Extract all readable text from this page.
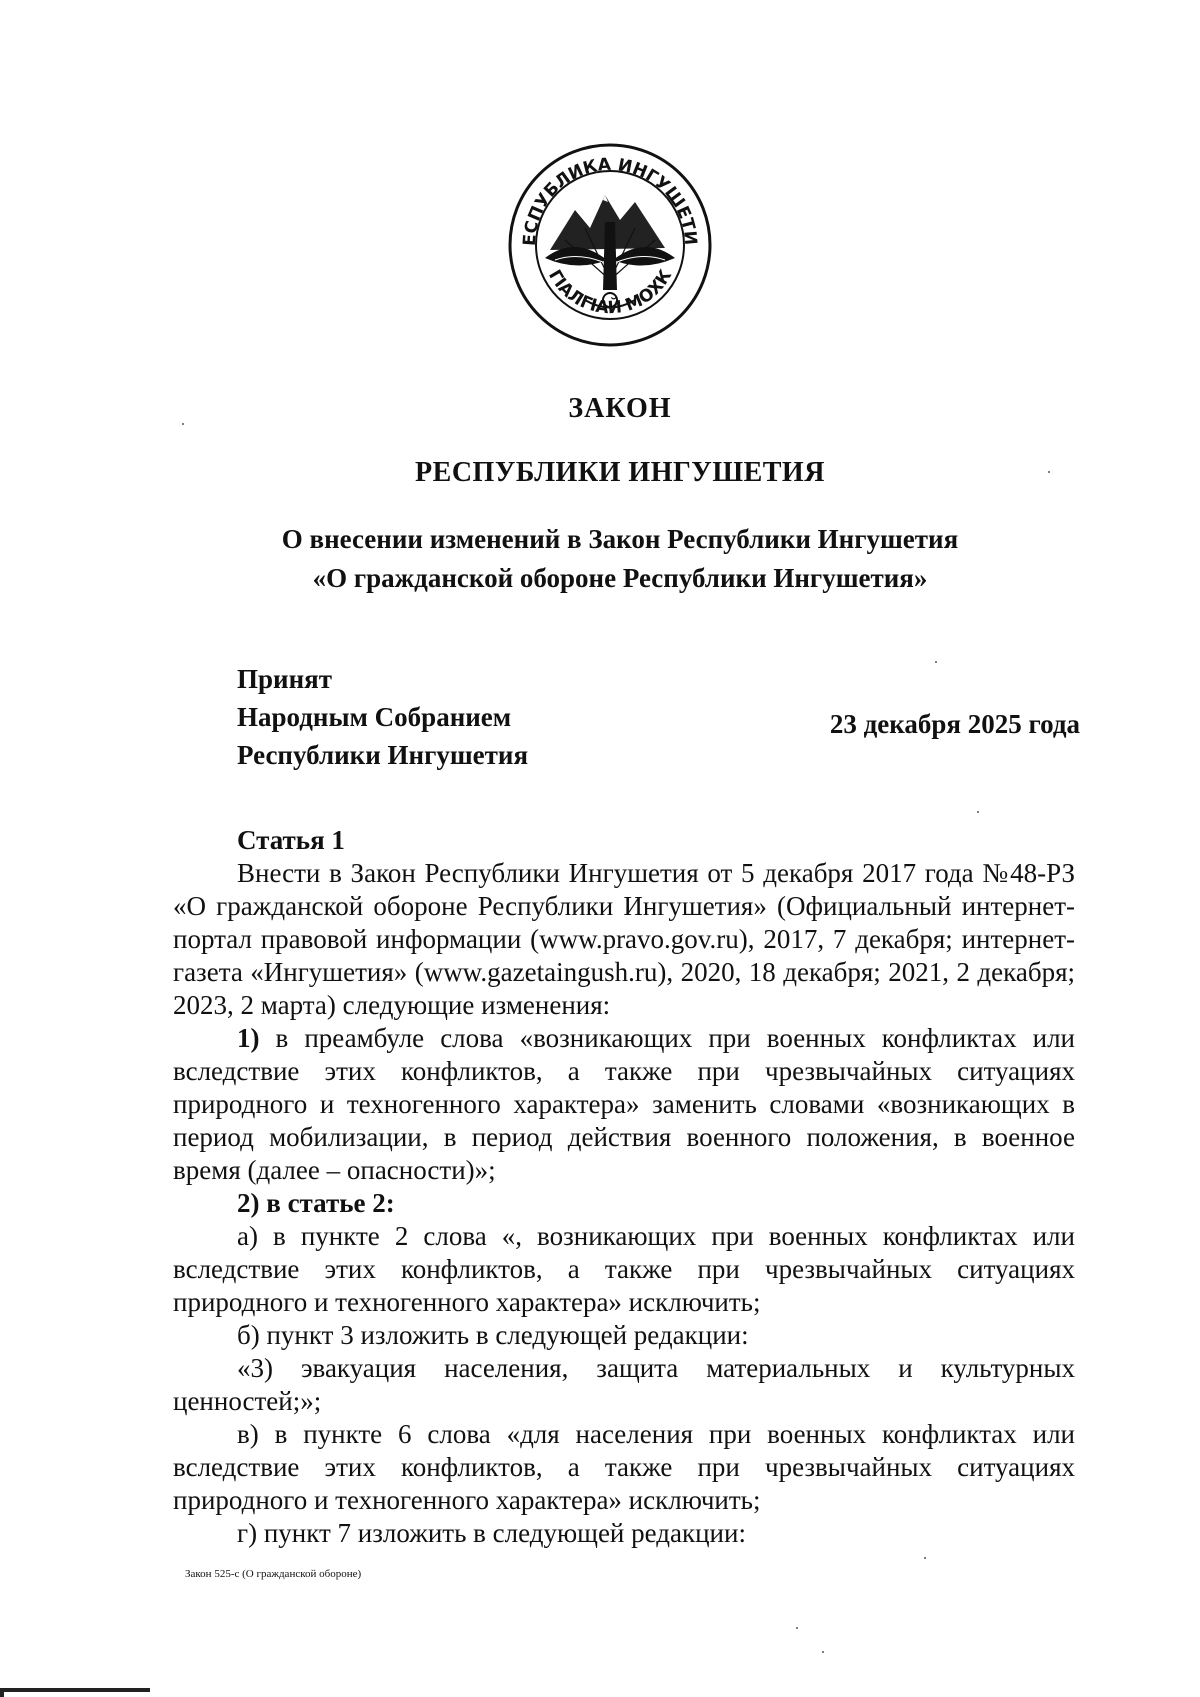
ЕСПУБЛИКА ИНГУШЕТИ
ГIАЛГIАЙ МОХК
ЗАКОН
РЕСПУБЛИКИ ИНГУШЕТИЯ
О внесении изменений в Закон Республики Ингушетия
«О гражданской обороне Республики Ингушетия»
Принят
Народным Собранием
Республики Ингушетия
23 декабря 2025 года

Статья 1

Внести в Закон Республики Ингушетия от 5 декабря 2017 года №48-РЗ «О гражданской обороне Республики Ингушетия» (Официальный интернет-портал правовой информации (www.pravo.gov.ru), 2017, 7 декабря; интернет-газета «Ингушетия» (www.gazetaingush.ru), 2020, 18 декабря; 2021, 2 декабря; 2023, 2 марта) следующие изменения:

1) в преамбуле слова «возникающих при военных конфликтах или вследствие этих конфликтов, а также при чрезвычайных ситуациях природного и техногенного характера» заменить словами «возникающих в период мобилизации, в период действия военного положения, в военное время (далее – опасности)»;

2) в статье 2:

а) в пункте 2 слова «, возникающих при военных конфликтах или вследствие этих конфликтов, а также при чрезвычайных ситуациях природного и техногенного характера» исключить;

б) пункт 3 изложить в следующей редакции:

«3) эвакуация населения, защита материальных и культурных ценностей;»;

в) в пункте 6 слова «для населения при военных конфликтах или вследствие этих конфликтов, а также при чрезвычайных ситуациях природного и техногенного характера» исключить;

г) пункт 7 изложить в следующей редакции:

Закон 525-с (О гражданской обороне)
